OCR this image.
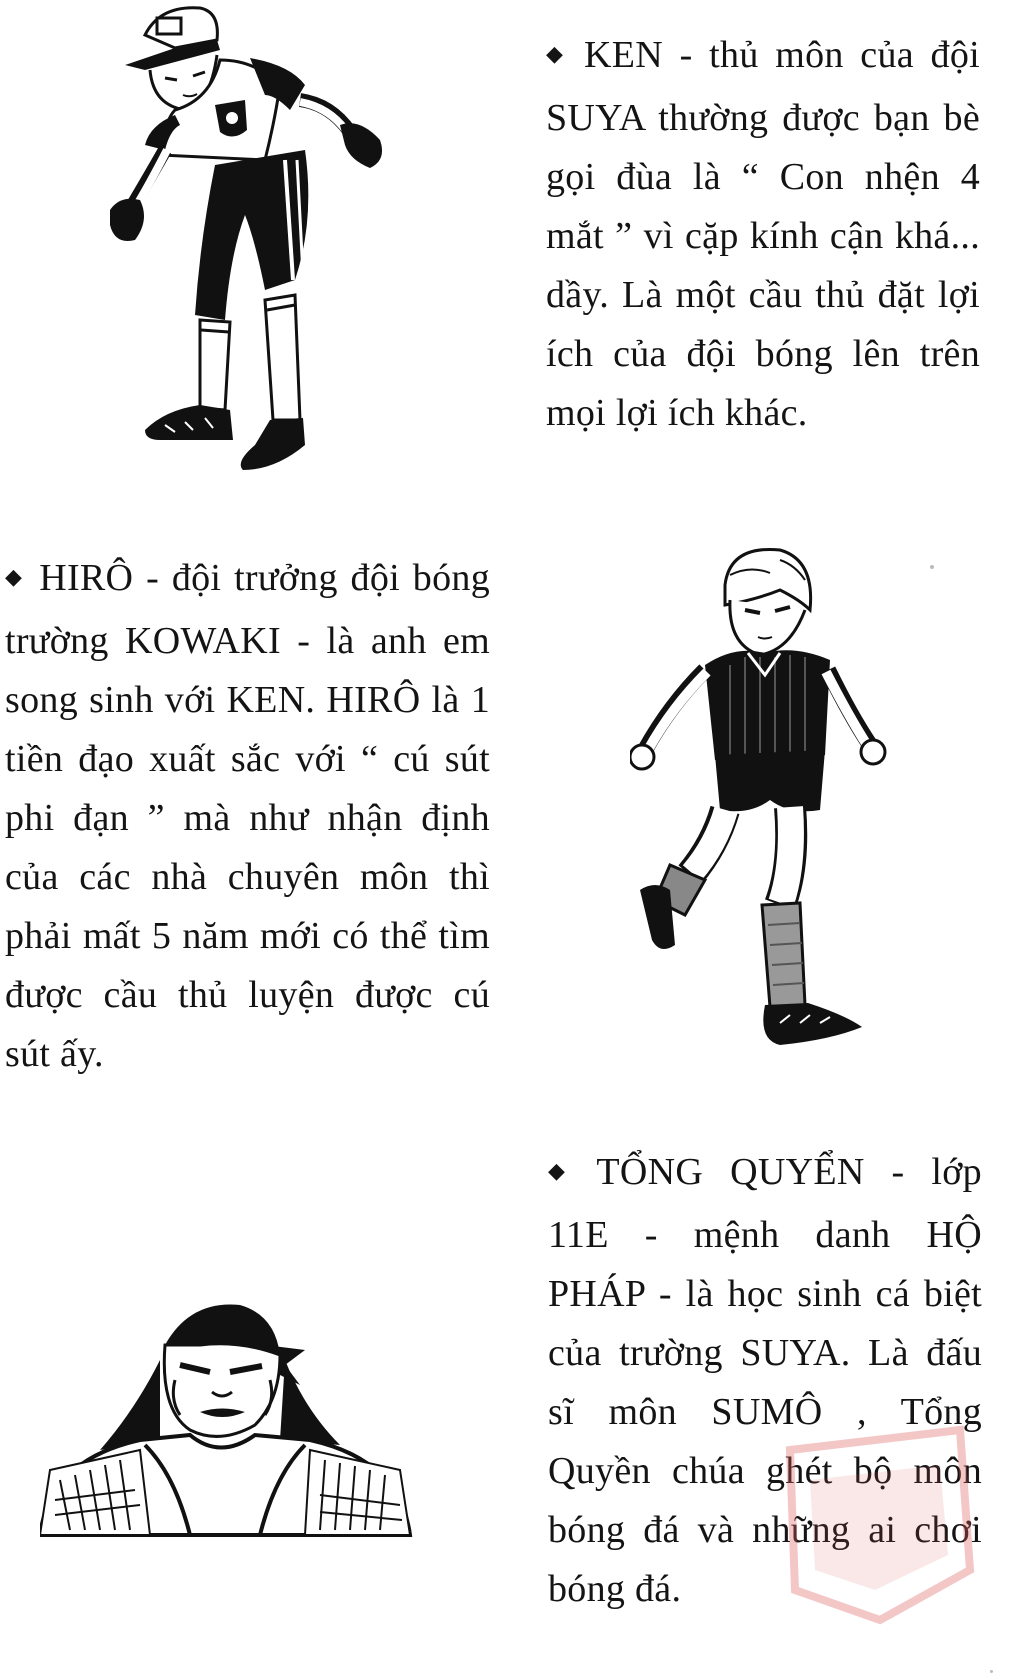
◆ KEN - thủ môn của đội SUYA thường được bạn bè gọi đùa là “ Con nhện 4 mắt ” vì cặp kính cận khá... dầy. Là một cầu thủ đặt lợi ích của đội bóng lên trên mọi lợi ích khác.

◆ HIRÔ - đội trưởng đội bóng trường KOWAKI - là anh em song sinh với KEN. HIRÔ là 1 tiền đạo xuất sắc với “ cú sút phi đạn ” mà như nhận định của các nhà chuyên môn thì phải mất 5 năm mới có thể tìm được cầu thủ luyện được cú sút ấy.

◆ TỔNG QUYỂN - lớp 11E - mệnh danh HỘ PHÁP - là học sinh cá biệt của trường SUYA. Là đấu sĩ môn SUMÔ , Tổng Quyền chúa ghét bộ môn bóng đá và những ai chơi bóng đá.
